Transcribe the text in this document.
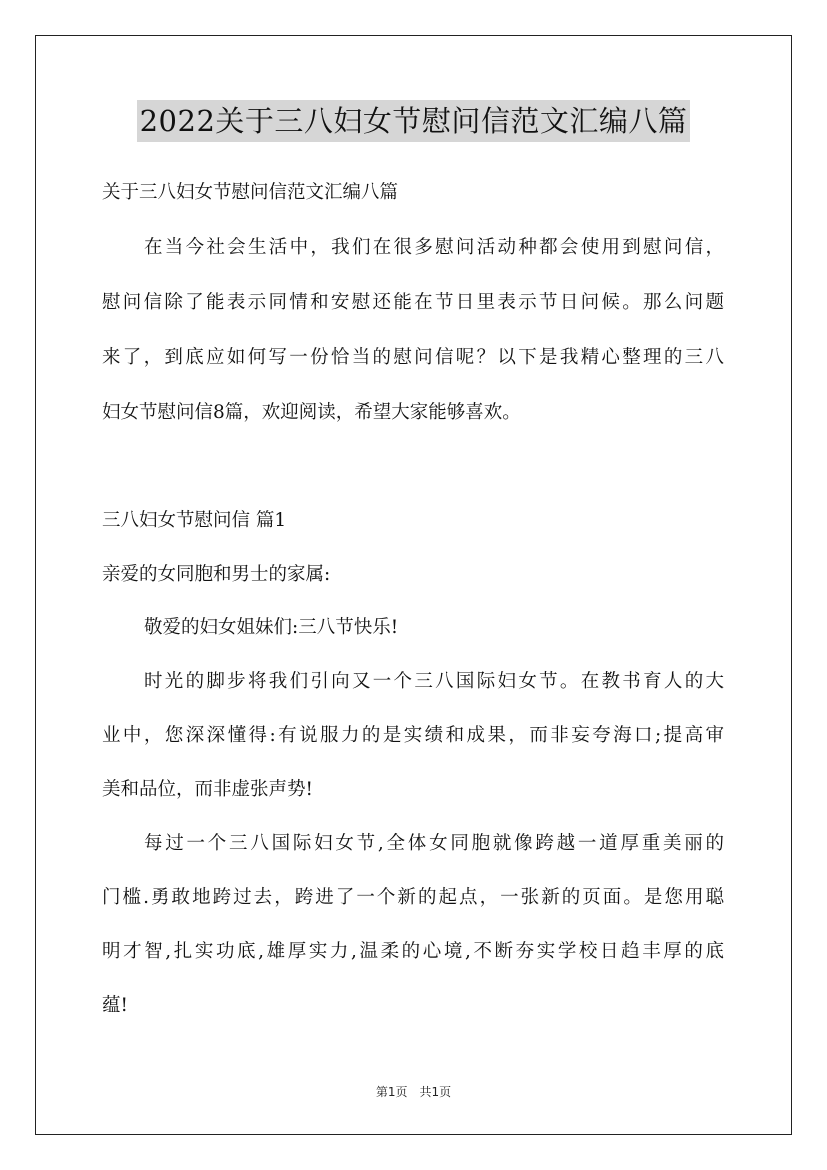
2022关于三八妇女节慰问信范文汇编八篇

关于三八妇女节慰问信范文汇编八篇

在当今社会生活中，我们在很多慰问活动种都会使用到慰问信，

慰问信除了能表示同情和安慰还能在节日里表示节日问候。那么问题

来了，到底应如何写一份恰当的慰问信呢？以下是我精心整理的三八

妇女节慰问信8篇，欢迎阅读，希望大家能够喜欢。

三八妇女节慰问信 篇1

亲爱的女同胞和男士的家属:

敬爱的妇女姐妹们:三八节快乐!

时光的脚步将我们引向又一个三八国际妇女节。在教书育人的大

业中，您深深懂得:有说服力的是实绩和成果，而非妄夸海口;提高审

美和品位，而非虚张声势!

每过一个三八国际妇女节,全体女同胞就像跨越一道厚重美丽的

门槛.勇敢地跨过去，跨进了一个新的起点，一张新的页面。是您用聪

明才智,扎实功底,雄厚实力,温柔的心境,不断夯实学校日趋丰厚的底

蕴!

第1页　共1页
